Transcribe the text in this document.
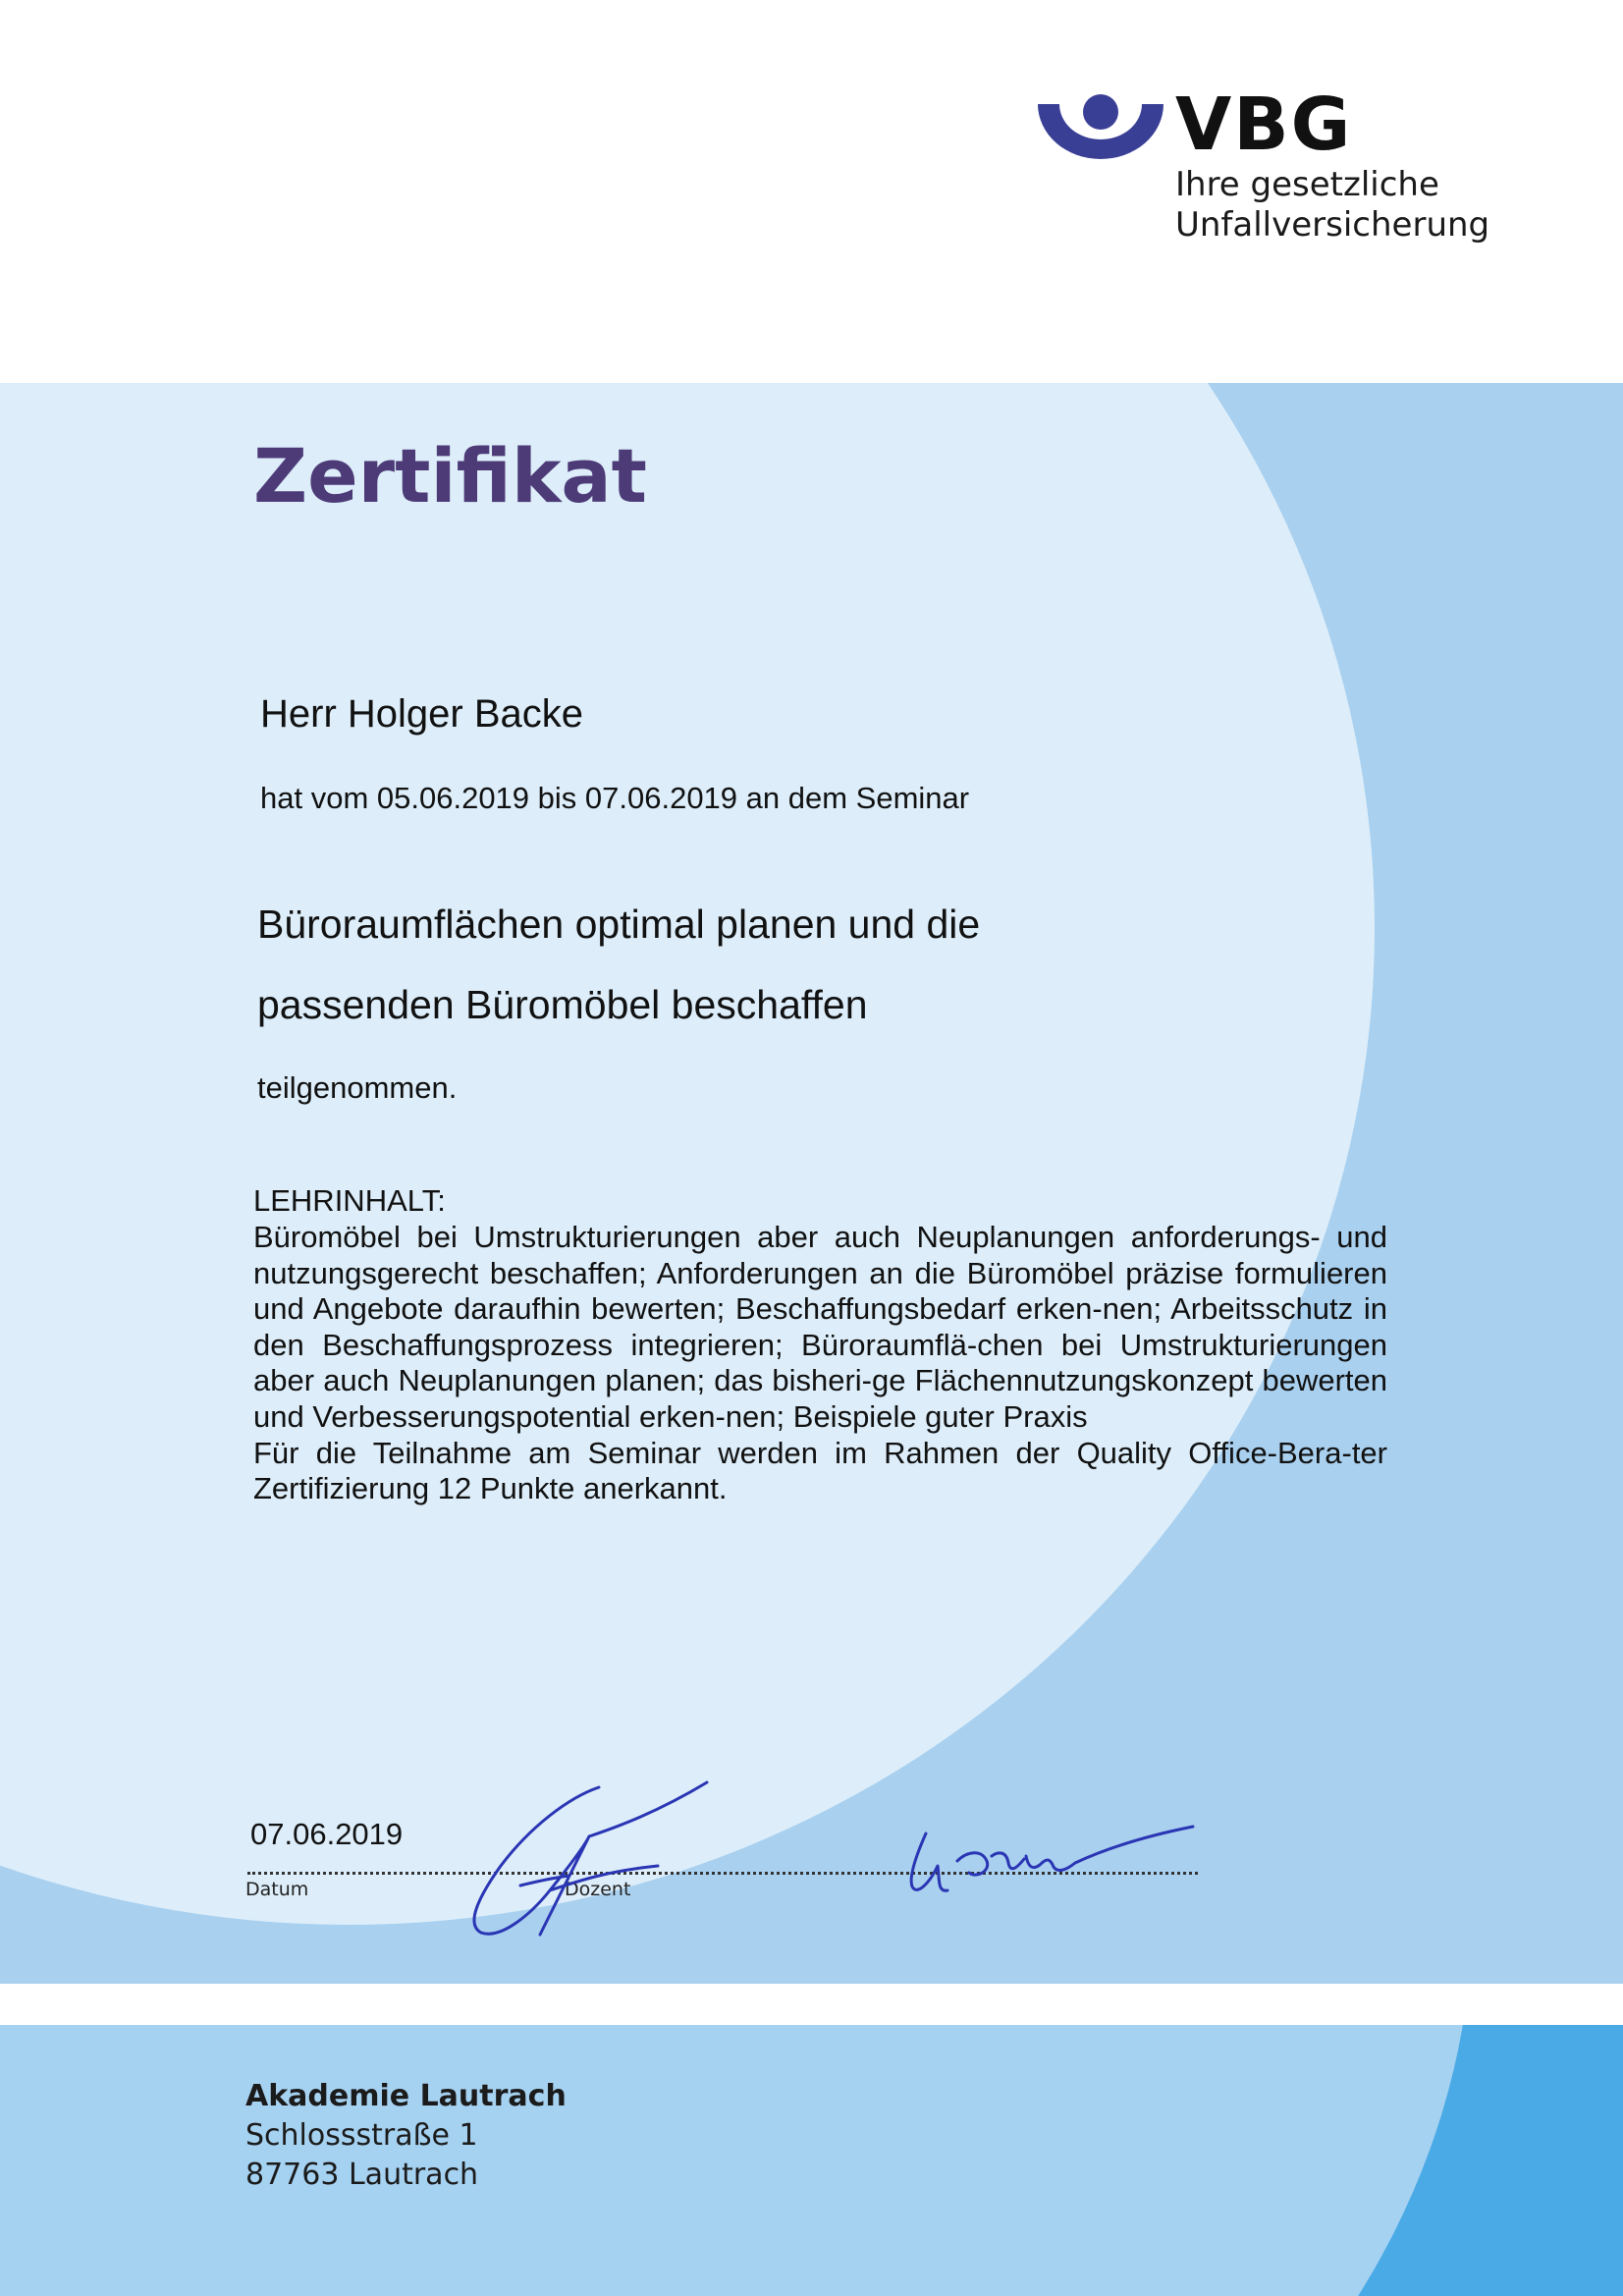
VBG
Ihre gesetzliche
Unfallversicherung
Zertifikat
Herr Holger Backe
hat vom 05.06.2019 bis 07.06.2019 an dem Seminar
Büroraumflächen optimal planen und die
passenden Büromöbel beschaffen
teilgenommen.
LEHRINHALT:

Büromöbel bei Umstrukturierungen aber auch Neuplanungen anforderungs- und nutzungsgerecht beschaffen; Anforderungen an die Büromöbel präzise formulieren und Angebote daraufhin bewerten; Beschaffungsbedarf erken-nen; Arbeitsschutz in den Beschaffungsprozess integrieren; Büroraumflä-chen bei Umstrukturierungen aber auch Neuplanungen planen; das bisheri-ge Flächennutzungskonzept bewerten und Verbesserungspotential erken-nen; Beispiele guter Praxis

Für die Teilnahme am Seminar werden im Rahmen der Quality Office-Bera-ter Zertifizierung 12 Punkte anerkannt.

07.06.2019
Datum	Dozent
Akademie Lautrach
Schlossstraße 1
87763 Lautrach
